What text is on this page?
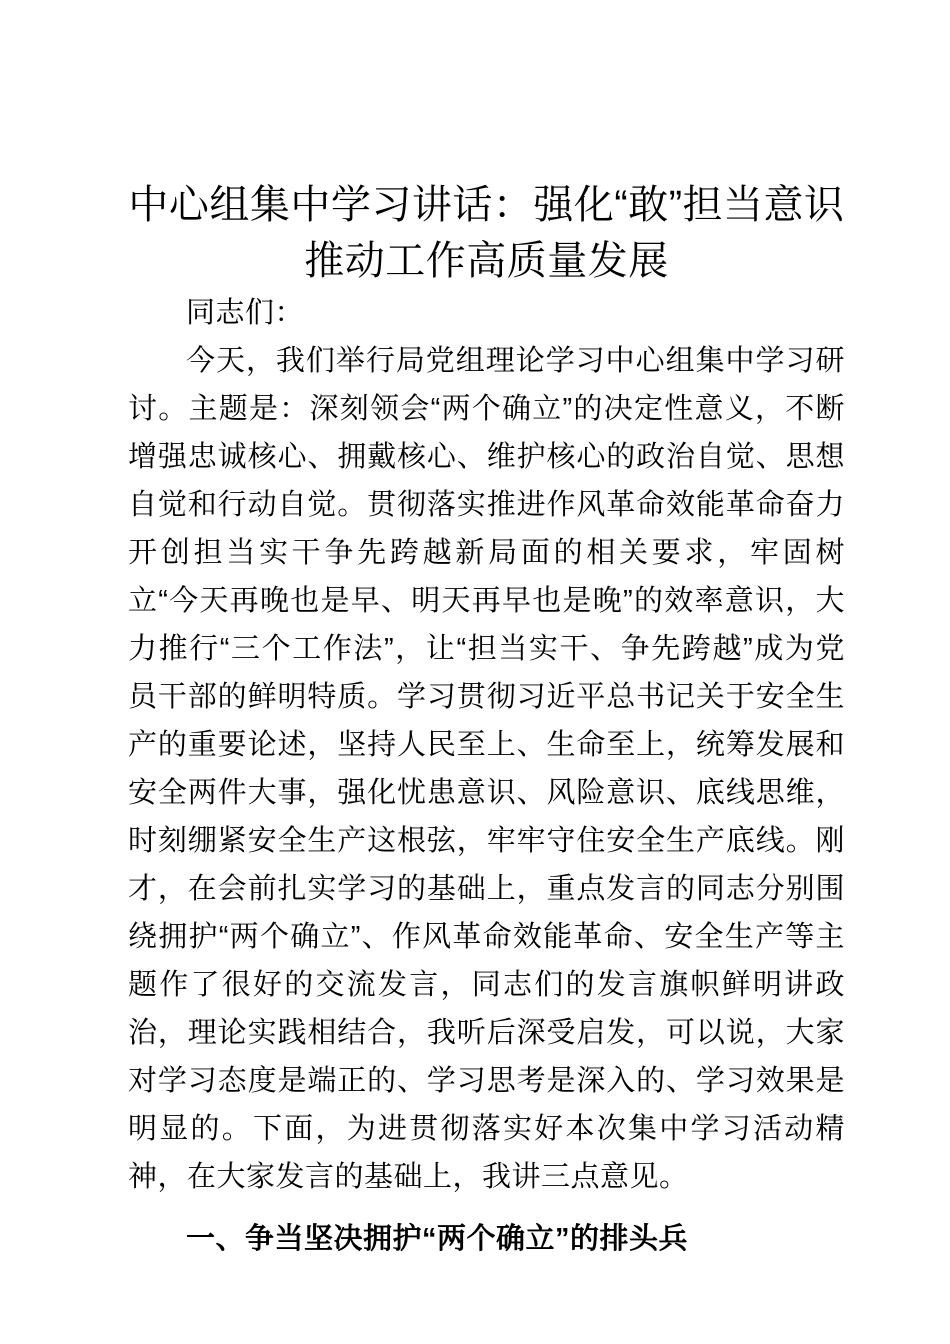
中心组集中学习讲话：强化“敢”担当意识推动工作高质量发展

同志们：

今天，我们举行局党组理论学习中心组集中学习研讨。主题是：深刻领会“两个确立”的决定性意义，不断增强忠诚核心、拥戴核心、维护核心的政治自觉、思想自觉和行动自觉。贯彻落实推进作风革命效能革命奋力开创担当实干争先跨越新局面的相关要求，牢固树立“今天再晚也是早、明天再早也是晚”的效率意识，大力推行“三个工作法”，让“担当实干、争先跨越”成为党员干部的鲜明特质。学习贯彻习近平总书记关于安全生产的重要论述，坚持人民至上、生命至上，统筹发展和安全两件大事，强化忧患意识、风险意识、底线思维，时刻绷紧安全生产这根弦，牢牢守住安全生产底线。刚才，在会前扎实学习的基础上，重点发言的同志分别围绕拥护“两个确立”、作风革命效能革命、安全生产等主题作了很好的交流发言，同志们的发言旗帜鲜明讲政治，理论实践相结合，我听后深受启发，可以说，大家对学习态度是端正的、学习思考是深入的、学习效果是明显的。下面，为进贯彻落实好本次集中学习活动精神，在大家发言的基础上，我讲三点意见。

一、争当坚决拥护“两个确立”的排头兵
